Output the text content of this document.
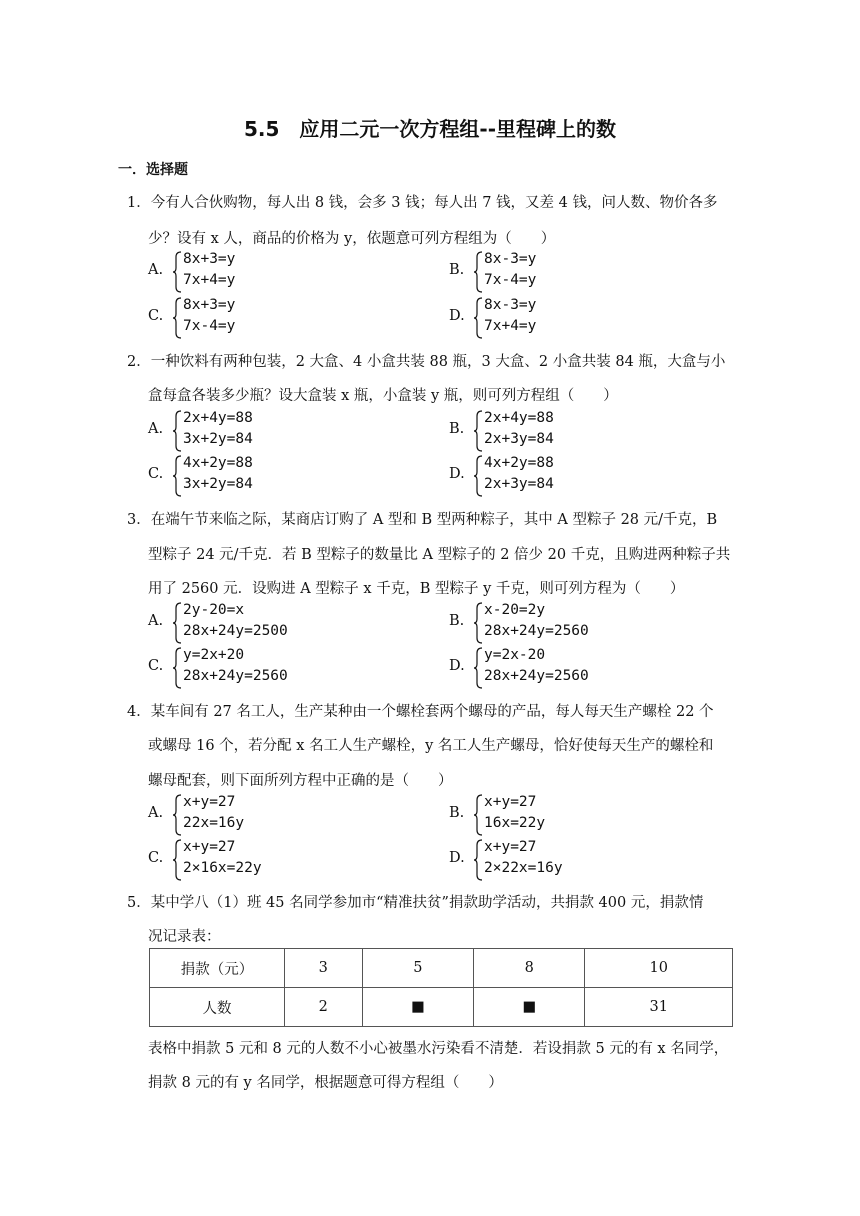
5.5　应用二元一次方程组--里程碑上的数
一．选择题
1．今有人合伙购物，每人出 8 钱，会多 3 钱；每人出 7 钱，又差 4 钱，问人数、物价各多
少？设有 x 人，商品的价格为 y，依题意可列方程组为（　　）
A.
8x+3=y
7x+4=y
B.
8x-3=y
7x-4=y
C.
8x+3=y
7x-4=y
D.
8x-3=y
7x+4=y
2．一种饮料有两种包装，2 大盒、4 小盒共装 88 瓶，3 大盒、2 小盒共装 84 瓶，大盒与小
盒每盒各装多少瓶？设大盒装 x 瓶，小盒装 y 瓶，则可列方程组（　　）
A.
2x+4y=88
3x+2y=84
B.
2x+4y=88
2x+3y=84
C.
4x+2y=88
3x+2y=84
D.
4x+2y=88
2x+3y=84
3．在端午节来临之际，某商店订购了 A 型和 B 型两种粽子，其中 A 型粽子 28 元/千克，B
型粽子 24 元/千克．若 B 型粽子的数量比 A 型粽子的 2 倍少 20 千克，且购进两种粽子共
用了 2560 元．设购进 A 型粽子 x 千克，B 型粽子 y 千克，则可列方程为（　　）
A.
2y-20=x
28x+24y=2500
B.
x-20=2y
28x+24y=2560
C.
y=2x+20
28x+24y=2560
D.
y=2x-20
28x+24y=2560
4．某车间有 27 名工人，生产某种由一个螺栓套两个螺母的产品，每人每天生产螺栓 22 个
或螺母 16 个，若分配 x 名工人生产螺栓，y 名工人生产螺母，恰好使每天生产的螺栓和
螺母配套，则下面所列方程中正确的是（　　）
A.
x+y=27
22x=16y
B.
x+y=27
16x=22y
C.
x+y=27
2×16x=22y
D.
x+y=27
2×22x=16y
5．某中学八（1）班 45 名同学参加市“精准扶贫”捐款助学活动，共捐款 400 元，捐款情
况记录表：
捐款（元）	3	5	8	10
人数	2	■	■	31
表格中捐款 5 元和 8 元的人数不小心被墨水污染看不清楚．若设捐款 5 元的有 x 名同学，
捐款 8 元的有 y 名同学，根据题意可得方程组（　　）
